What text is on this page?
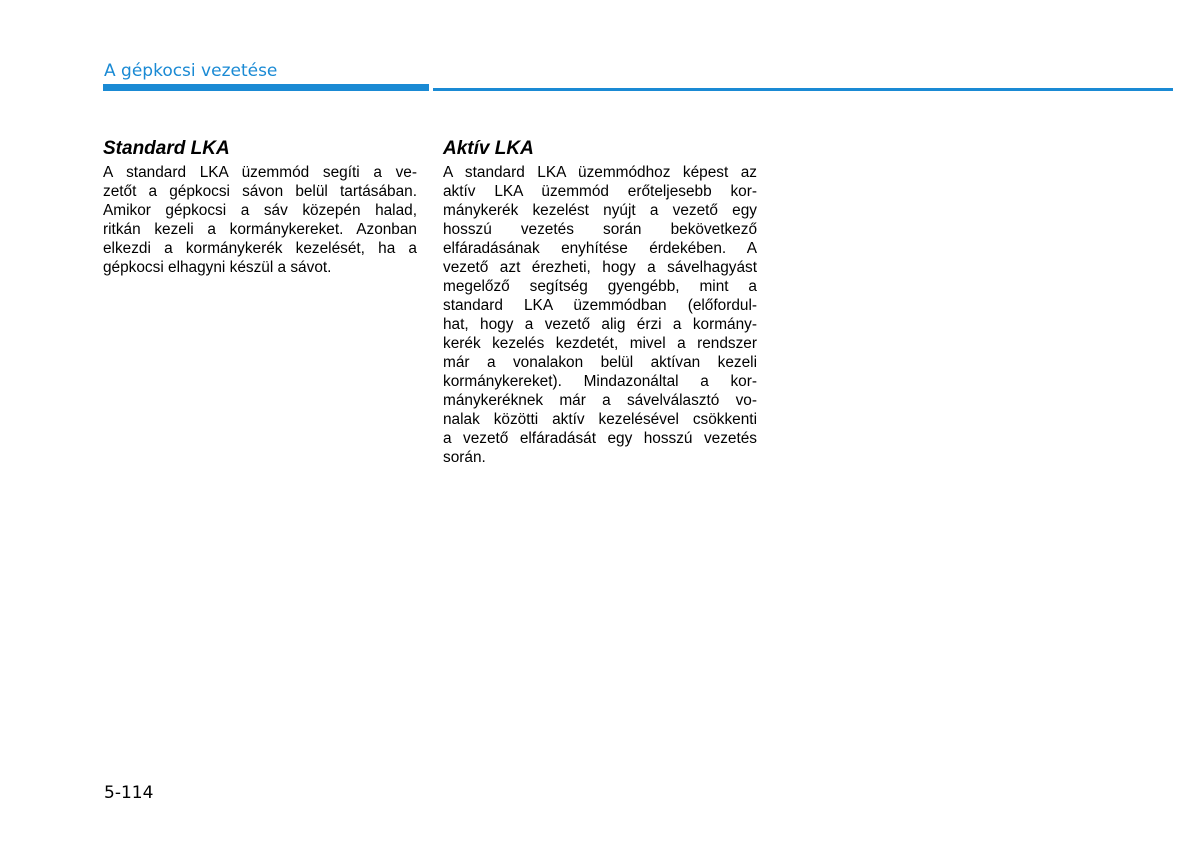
A gépkocsi vezetése
Standard LKA
A standard LKA üzemmód segíti a ve-
zetőt a gépkocsi sávon belül tartásában.
Amikor gépkocsi a sáv közepén halad,
ritkán kezeli a kormánykereket. Azonban
elkezdi a kormánykerék kezelését, ha a
gépkocsi elhagyni készül a sávot.
Aktív LKA
A standard LKA üzemmódhoz képest az
aktív LKA üzemmód erőteljesebb kor-
mánykerék kezelést nyújt a vezető egy
hosszú vezetés során bekövetkező
elfáradásának enyhítése érdekében. A
vezető azt érezheti, hogy a sávelhagyást
megelőző segítség gyengébb, mint a
standard LKA üzemmódban (előfordul-
hat, hogy a vezető alig érzi a kormány-
kerék kezelés kezdetét, mivel a rendszer
már a vonalakon belül aktívan kezeli
kormánykereket). Mindazonáltal a kor-
mánykeréknek már a sávelválasztó vo-
nalak közötti aktív kezelésével csökkenti
a vezető elfáradását egy hosszú vezetés
során.
5-114
